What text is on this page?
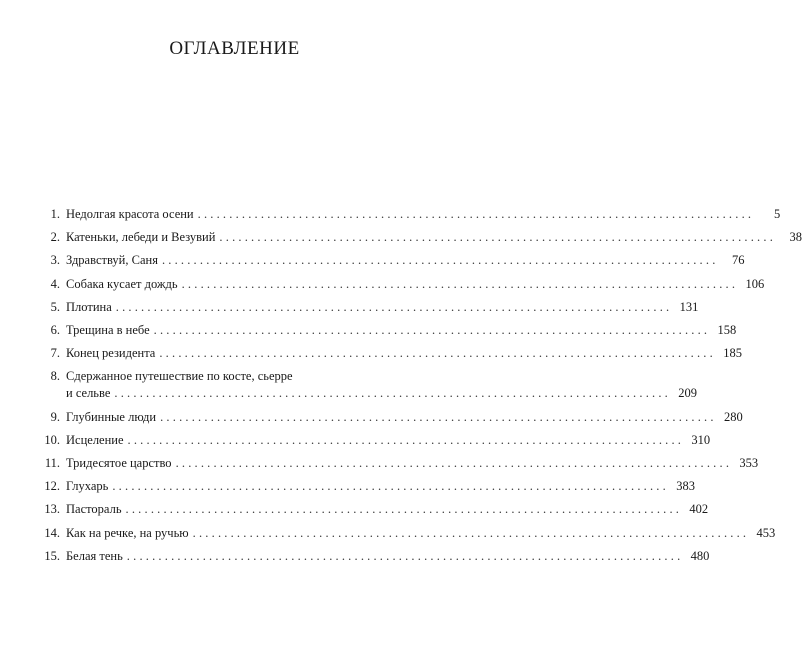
ОГЛАВЛЕНИЕ
1. Недолгая красота осени ........................................................................................	5
2. Катеньки, лебеди и Везувий ........................................................................................	38
3. Здравствуй, Саня ........................................................................................	76
4. Собака кусает дождь ........................................................................................ 106
5. Плотина ........................................................................................ 131
6. Трещина в небе ........................................................................................ 158
7. Конец резидента ........................................................................................ 185
8. Сдержанное путешествие по косте, сьерре
и сельве ........................................................................................ 209
9. Глубинные люди ........................................................................................ 280
10. Исцеление ........................................................................................ 310
11. Тридесятое царство ........................................................................................ 353
12. Глухарь ........................................................................................ 383
13. Пастораль ........................................................................................ 402
14. Как на речке, на ручью ........................................................................................ 453
15. Белая тень ........................................................................................ 480
